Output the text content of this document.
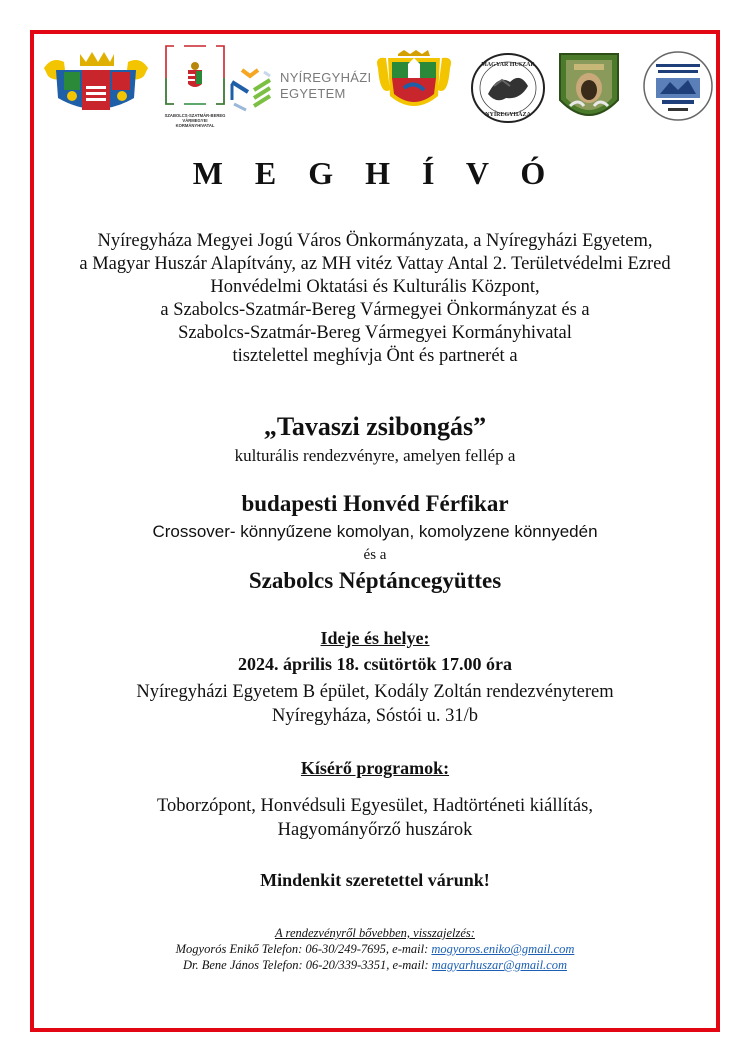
SZABOLCS-SZATMÁR-BEREG
VÁRMEGYEI
KORMÁNYHIVATAL
NYÍREGYHÁZI
EGYETEM
MAGYAR HUSZÁR
NYÍREGYHÁZA
M E G H Í V Ó
Nyíregyháza Megyei Jogú Város Önkormányzata, a Nyíregyházi Egyetem,
a Magyar Huszár Alapítvány, az MH vitéz Vattay Antal 2. Területvédelmi Ezred
Honvédelmi Oktatási és Kulturális Központ,
a Szabolcs-Szatmár-Bereg Vármegyei Önkormányzat és a
Szabolcs-Szatmár-Bereg Vármegyei Kormányhivatal
tisztelettel meghívja Önt és partnerét a
„Tavaszi zsibongás”
kulturális rendezvényre, amelyen fellép a
budapesti Honvéd Férfikar
Crossover- könnyűzene komolyan, komolyzene könnyedén
és a
Szabolcs Néptáncegyüttes
Ideje és helye:
2024. április 18. csütörtök 17.00 óra
Nyíregyházi Egyetem B épület, Kodály Zoltán rendezvényterem
Nyíregyháza, Sóstói u. 31/b
Kísérő programok:
Toborzópont, Honvédsuli Egyesület, Hadtörténeti kiállítás,
Hagyományőrző huszárok
Mindenkit szeretettel várunk!
A rendezvényről bővebben, visszajelzés:
Mogyorós Enikő Telefon: 06-30/249-7695, e-mail: mogyoros.eniko@gmail.com
Dr. Bene János Telefon: 06-20/339-3351, e-mail: magyarhuszar@gmail.com
